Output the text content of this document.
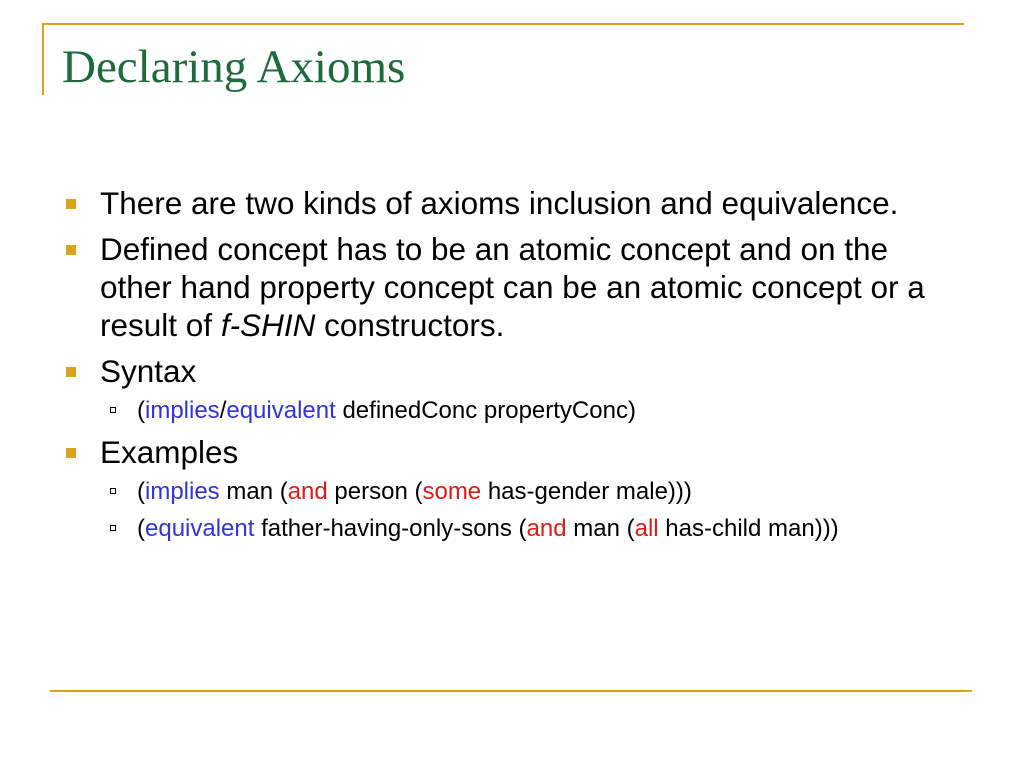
Declaring Axioms
There are two kinds of axioms inclusion and equivalence.
Defined concept has to be an atomic concept and on the other hand property concept can be an atomic concept or a result of f-SHIN constructors.
Syntax
(implies/equivalent definedConc propertyConc)
Examples
(implies man (and person (some has-gender male)))
(equivalent father-having-only-sons (and man (all has-child man)))
